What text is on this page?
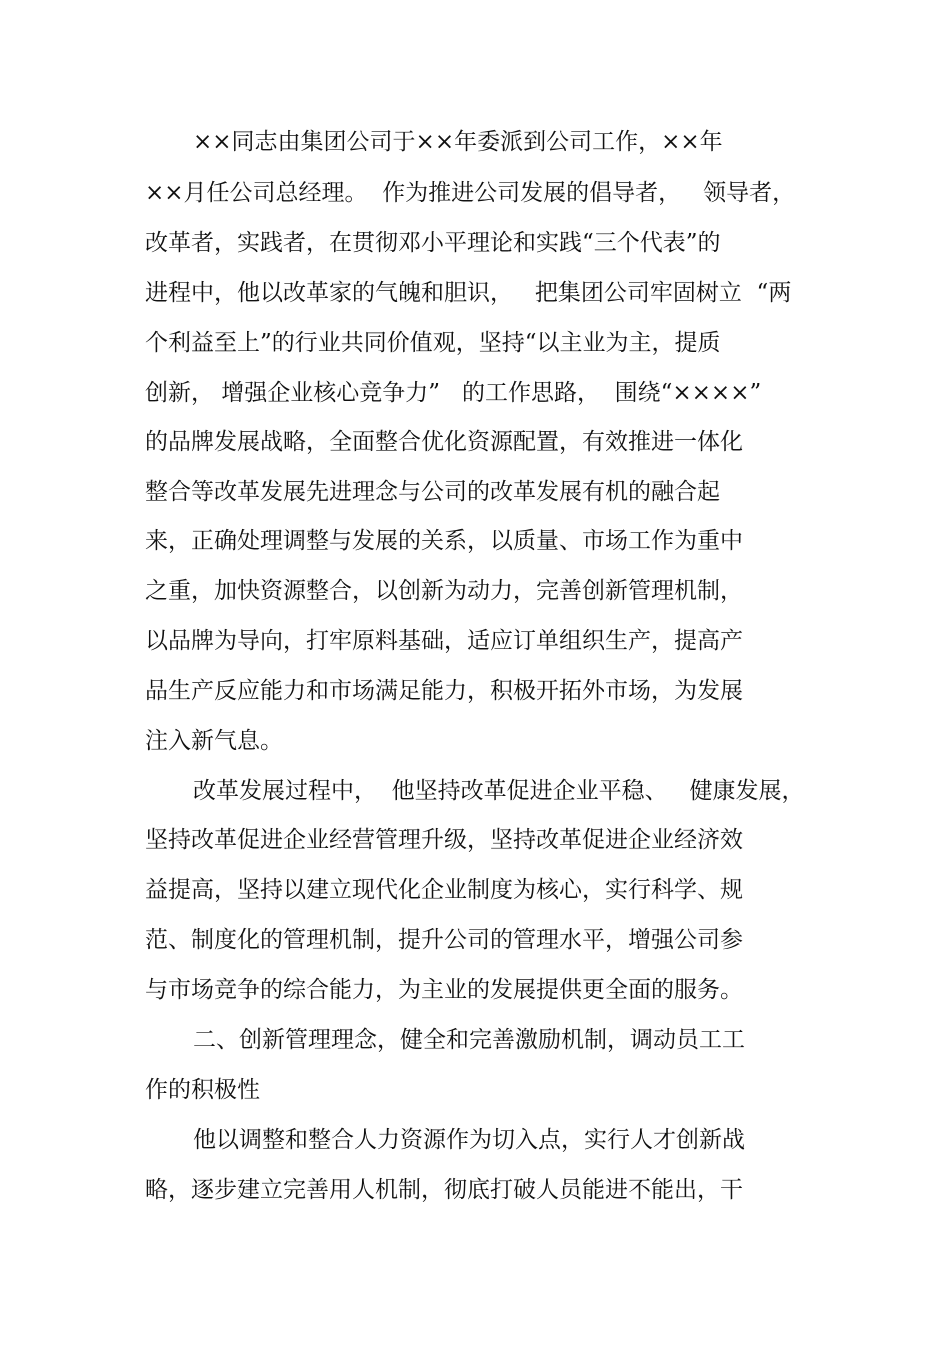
××同志由集团公司于××年委派到公司工作，××年
××月任公司总经理。  作为推进公司发展的倡导者，   领导者，
改革者，实践者，在贯彻邓小平理论和实践“三个代表”的
进程中，他以改革家的气魄和胆识，   把集团公司牢固树立  “两
个利益至上”的行业共同价值观，坚持“以主业为主，提质
创新， 增强企业核心竞争力”   的工作思路，  围绕“××××”
的品牌发展战略，全面整合优化资源配置，有效推进一体化
整合等改革发展先进理念与公司的改革发展有机的融合起
来，正确处理调整与发展的关系，以质量、市场工作为重中
之重，加快资源整合，以创新为动力，完善创新管理机制，
以品牌为导向，打牢原料基础，适应订单组织生产，提高产
品生产反应能力和市场满足能力，积极开拓外市场，为发展
注入新气息。
改革发展过程中，  他坚持改革促进企业平稳、   健康发展，
坚持改革促进企业经营管理升级，坚持改革促进企业经济效
益提高，坚持以建立现代化企业制度为核心，实行科学、规
范、制度化的管理机制，提升公司的管理水平，增强公司参
与市场竞争的综合能力，为主业的发展提供更全面的服务。
二、创新管理理念，健全和完善激励机制，调动员工工
作的积极性
他以调整和整合人力资源作为切入点，实行人才创新战
略，逐步建立完善用人机制，彻底打破人员能进不能出，干
